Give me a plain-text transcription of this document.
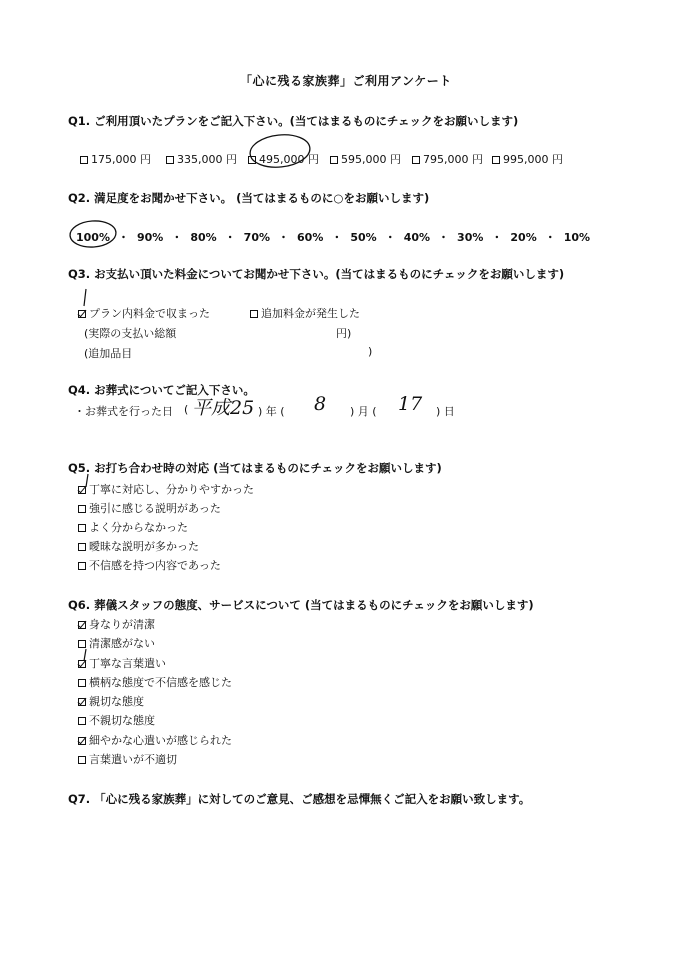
「心に残る家族葬」ご利用アンケート
Q1. ご利用頂いたプランをご記入下さい。(当てはまるものにチェックをお願いします)
175,000 円	335,000 円	495,000 円	595,000 円	795,000 円	995,000 円
Q2. 満足度をお聞かせ下さい。 (当てはまるものに○をお願いします)
100% ・ 90% ・ 80% ・ 70% ・ 60% ・ 50% ・ 40% ・ 30% ・ 20% ・ 10%
Q3. お支払い頂いた料金についてお聞かせ下さい。(当てはまるものにチェックをお願いします)
プラン内料金で収まった	追加料金が発生した
(実際の支払い総額	円)
(追加品目	)
Q4. お葬式についてご記入下さい。
・お葬式を行った日 ( 平成25 ) 年 ( 8 ) 月 ( 17 ) 日
Q5. お打ち合わせ時の対応 (当てはまるものにチェックをお願いします)
丁寧に対応し、分かりやすかった
強引に感じる説明があった
よく分からなかった
曖昧な説明が多かった
不信感を持つ内容であった
Q6. 葬儀スタッフの態度、サービスについて (当てはまるものにチェックをお願いします)
身なりが清潔
清潔感がない
丁寧な言葉遣い
横柄な態度で不信感を感じた
親切な態度
不親切な態度
細やかな心遣いが感じられた
言葉遣いが不適切
Q7. 「心に残る家族葬」に対してのご意見、ご感想を忌憚無くご記入をお願い致します。
